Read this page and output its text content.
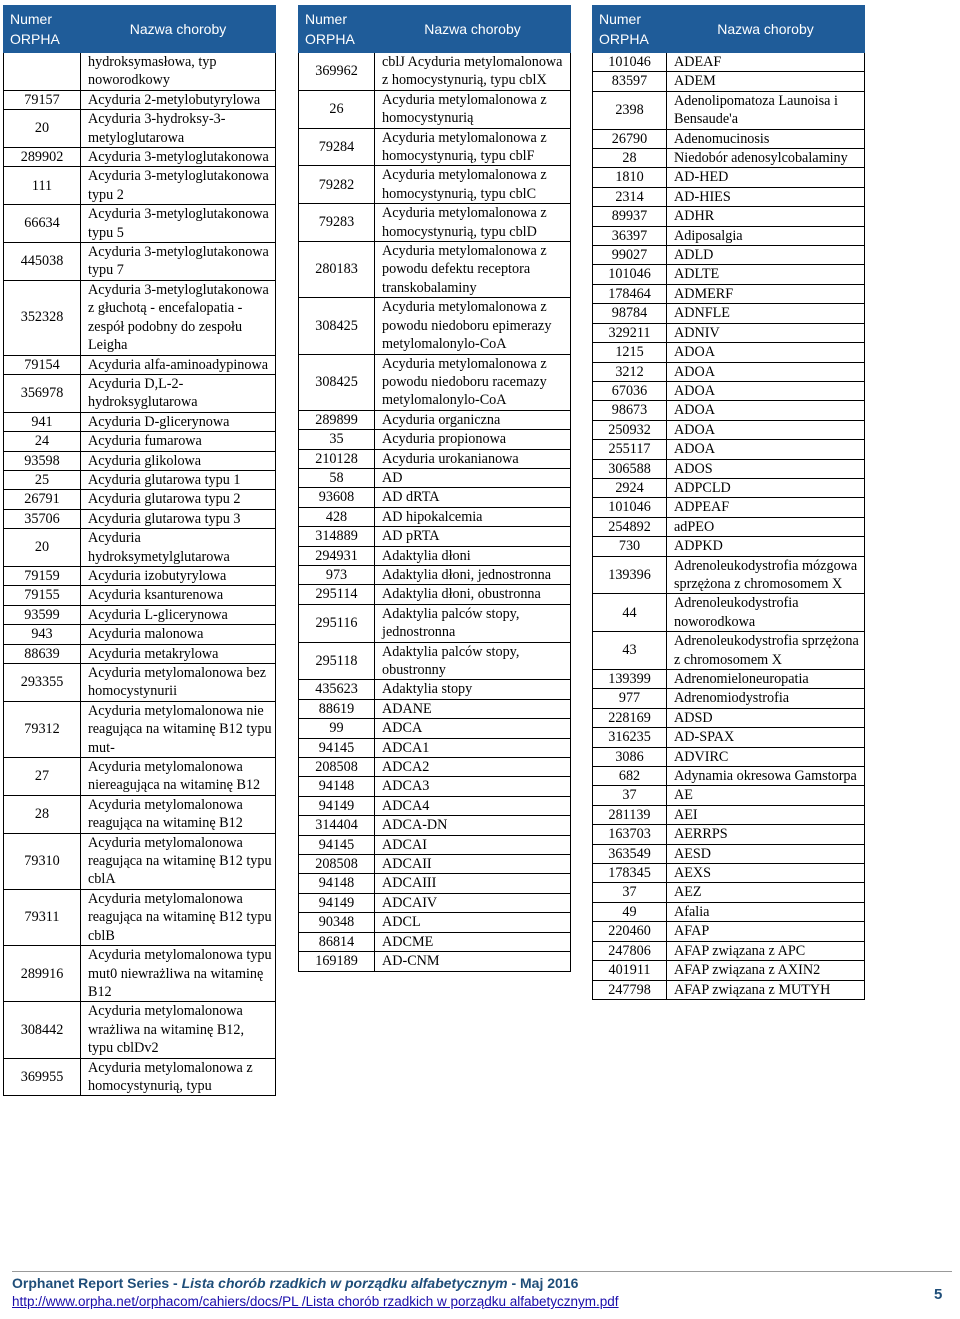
Numer ORPHA	Nazwa choroby
	hydroksymasłowa, typ noworodkowy
79157	Acyduria 2-metylobutyrylowa
20	Acyduria 3-hydroksy-3-metyloglutarowa
289902	Acyduria 3-metyloglutakonowa
111	Acyduria 3-metyloglutakonowa typu 2
66634	Acyduria 3-metyloglutakonowa typu 5
445038	Acyduria 3-metyloglutakonowa typu 7
352328	Acyduria 3-metyloglutakonowa z głuchotą - encefalopatia - zespół podobny do zespołu Leigha
79154	Acyduria alfa-aminoadypinowa
356978	Acyduria D,L-2-hydroksyglutarowa
941	Acyduria D-glicerynowa
24	Acyduria fumarowa
93598	Acyduria glikolowa
25	Acyduria glutarowa typu 1
26791	Acyduria glutarowa typu 2
35706	Acyduria glutarowa typu 3
20	Acyduria hydroksymetylglutarowa
79159	Acyduria izobutyrylowa
79155	Acyduria ksanturenowa
93599	Acyduria L-glicerynowa
943	Acyduria malonowa
88639	Acyduria metakrylowa
293355	Acyduria metylomalonowa bez homocystynurii
79312	Acyduria metylomalonowa nie reagująca na witaminę B12 typu mut-
27	Acyduria metylomalonowa niereagująca na witaminę B12
28	Acyduria metylomalonowa reagująca na witaminę B12
79310	Acyduria metylomalonowa reagująca na witaminę B12 typu cblA
79311	Acyduria metylomalonowa reagująca na witaminę B12 typu cblB
289916	Acyduria metylomalonowa typu mut0 niewrażliwa na witaminę B12
308442	Acyduria metylomalonowa wrażliwa na witaminę B12, typu cblDv2
369955	Acyduria metylomalonowa z homocystynurią, typu
Numer ORPHA	Nazwa choroby
369962	cblJ Acyduria metylomalonowa z homocystynurią, typu cblX
26	Acyduria metylomalonowa z homocystynurią
79284	Acyduria metylomalonowa z homocystynurią, typu cblF
79282	Acyduria metylomalonowa z homocystynurią, typu cblC
79283	Acyduria metylomalonowa z homocystynurią, typu cblD
280183	Acyduria metylomalonowa z powodu defektu receptora transkobalaminy
308425	Acyduria metylomalonowa z powodu niedoboru epimerazy metylomalonylo-CoA
308425	Acyduria metylomalonowa z powodu niedoboru racemazy metylomalonylo-CoA
289899	Acyduria organiczna
35	Acyduria propionowa
210128	Acyduria urokanianowa
58	AD
93608	AD dRTA
428	AD hipokalcemia
314889	AD pRTA
294931	Adaktylia dłoni
973	Adaktylia dłoni, jednostronna
295114	Adaktylia dłoni, obustronna
295116	Adaktylia palców stopy, jednostronna
295118	Adaktylia palców stopy, obustronny
435623	Adaktylia stopy
88619	ADANE
99	ADCA
94145	ADCA1
208508	ADCA2
94148	ADCA3
94149	ADCA4
314404	ADCA-DN
94145	ADCAI
208508	ADCAII
94148	ADCAIII
94149	ADCAIV
90348	ADCL
86814	ADCME
169189	AD-CNM
Numer ORPHA	Nazwa choroby
101046	ADEAF
83597	ADEM
2398	Adenolipomatoza Launoisa i Bensaude'a
26790	Adenomucinosis
28	Niedobór adenosylcobalaminy
1810	AD-HED
2314	AD-HIES
89937	ADHR
36397	Adiposalgia
99027	ADLD
101046	ADLTE
178464	ADMERF
98784	ADNFLE
329211	ADNIV
1215	ADOA
3212	ADOA
67036	ADOA
98673	ADOA
250932	ADOA
255117	ADOA
306588	ADOS
2924	ADPCLD
101046	ADPEAF
254892	adPEO
730	ADPKD
139396	Adrenoleukodystrofia mózgowa sprzężona z chromosomem X
44	Adrenoleukodystrofia noworodkowa
43	Adrenoleukodystrofia sprzężona z chromosomem X
139399	Adrenomieloneuropatia
977	Adrenomiodystrofia
228169	ADSD
316235	AD-SPAX
3086	ADVIRC
682	Adynamia okresowa Gamstorpa
37	AE
281139	AEI
163703	AERRPS
363549	AESD
178345	AEXS
37	AEZ
49	Afalia
220460	AFAP
247806	AFAP związana z APC
401911	AFAP związana z AXIN2
247798	AFAP związana z MUTYH
Orphanet Report Series - Lista chorób rzadkich w porządku alfabetycznym - Maj 2016
http://www.orpha.net/orphacom/cahiers/docs/PL /Lista chorób rzadkich w porządku alfabetycznym.pdf	5
